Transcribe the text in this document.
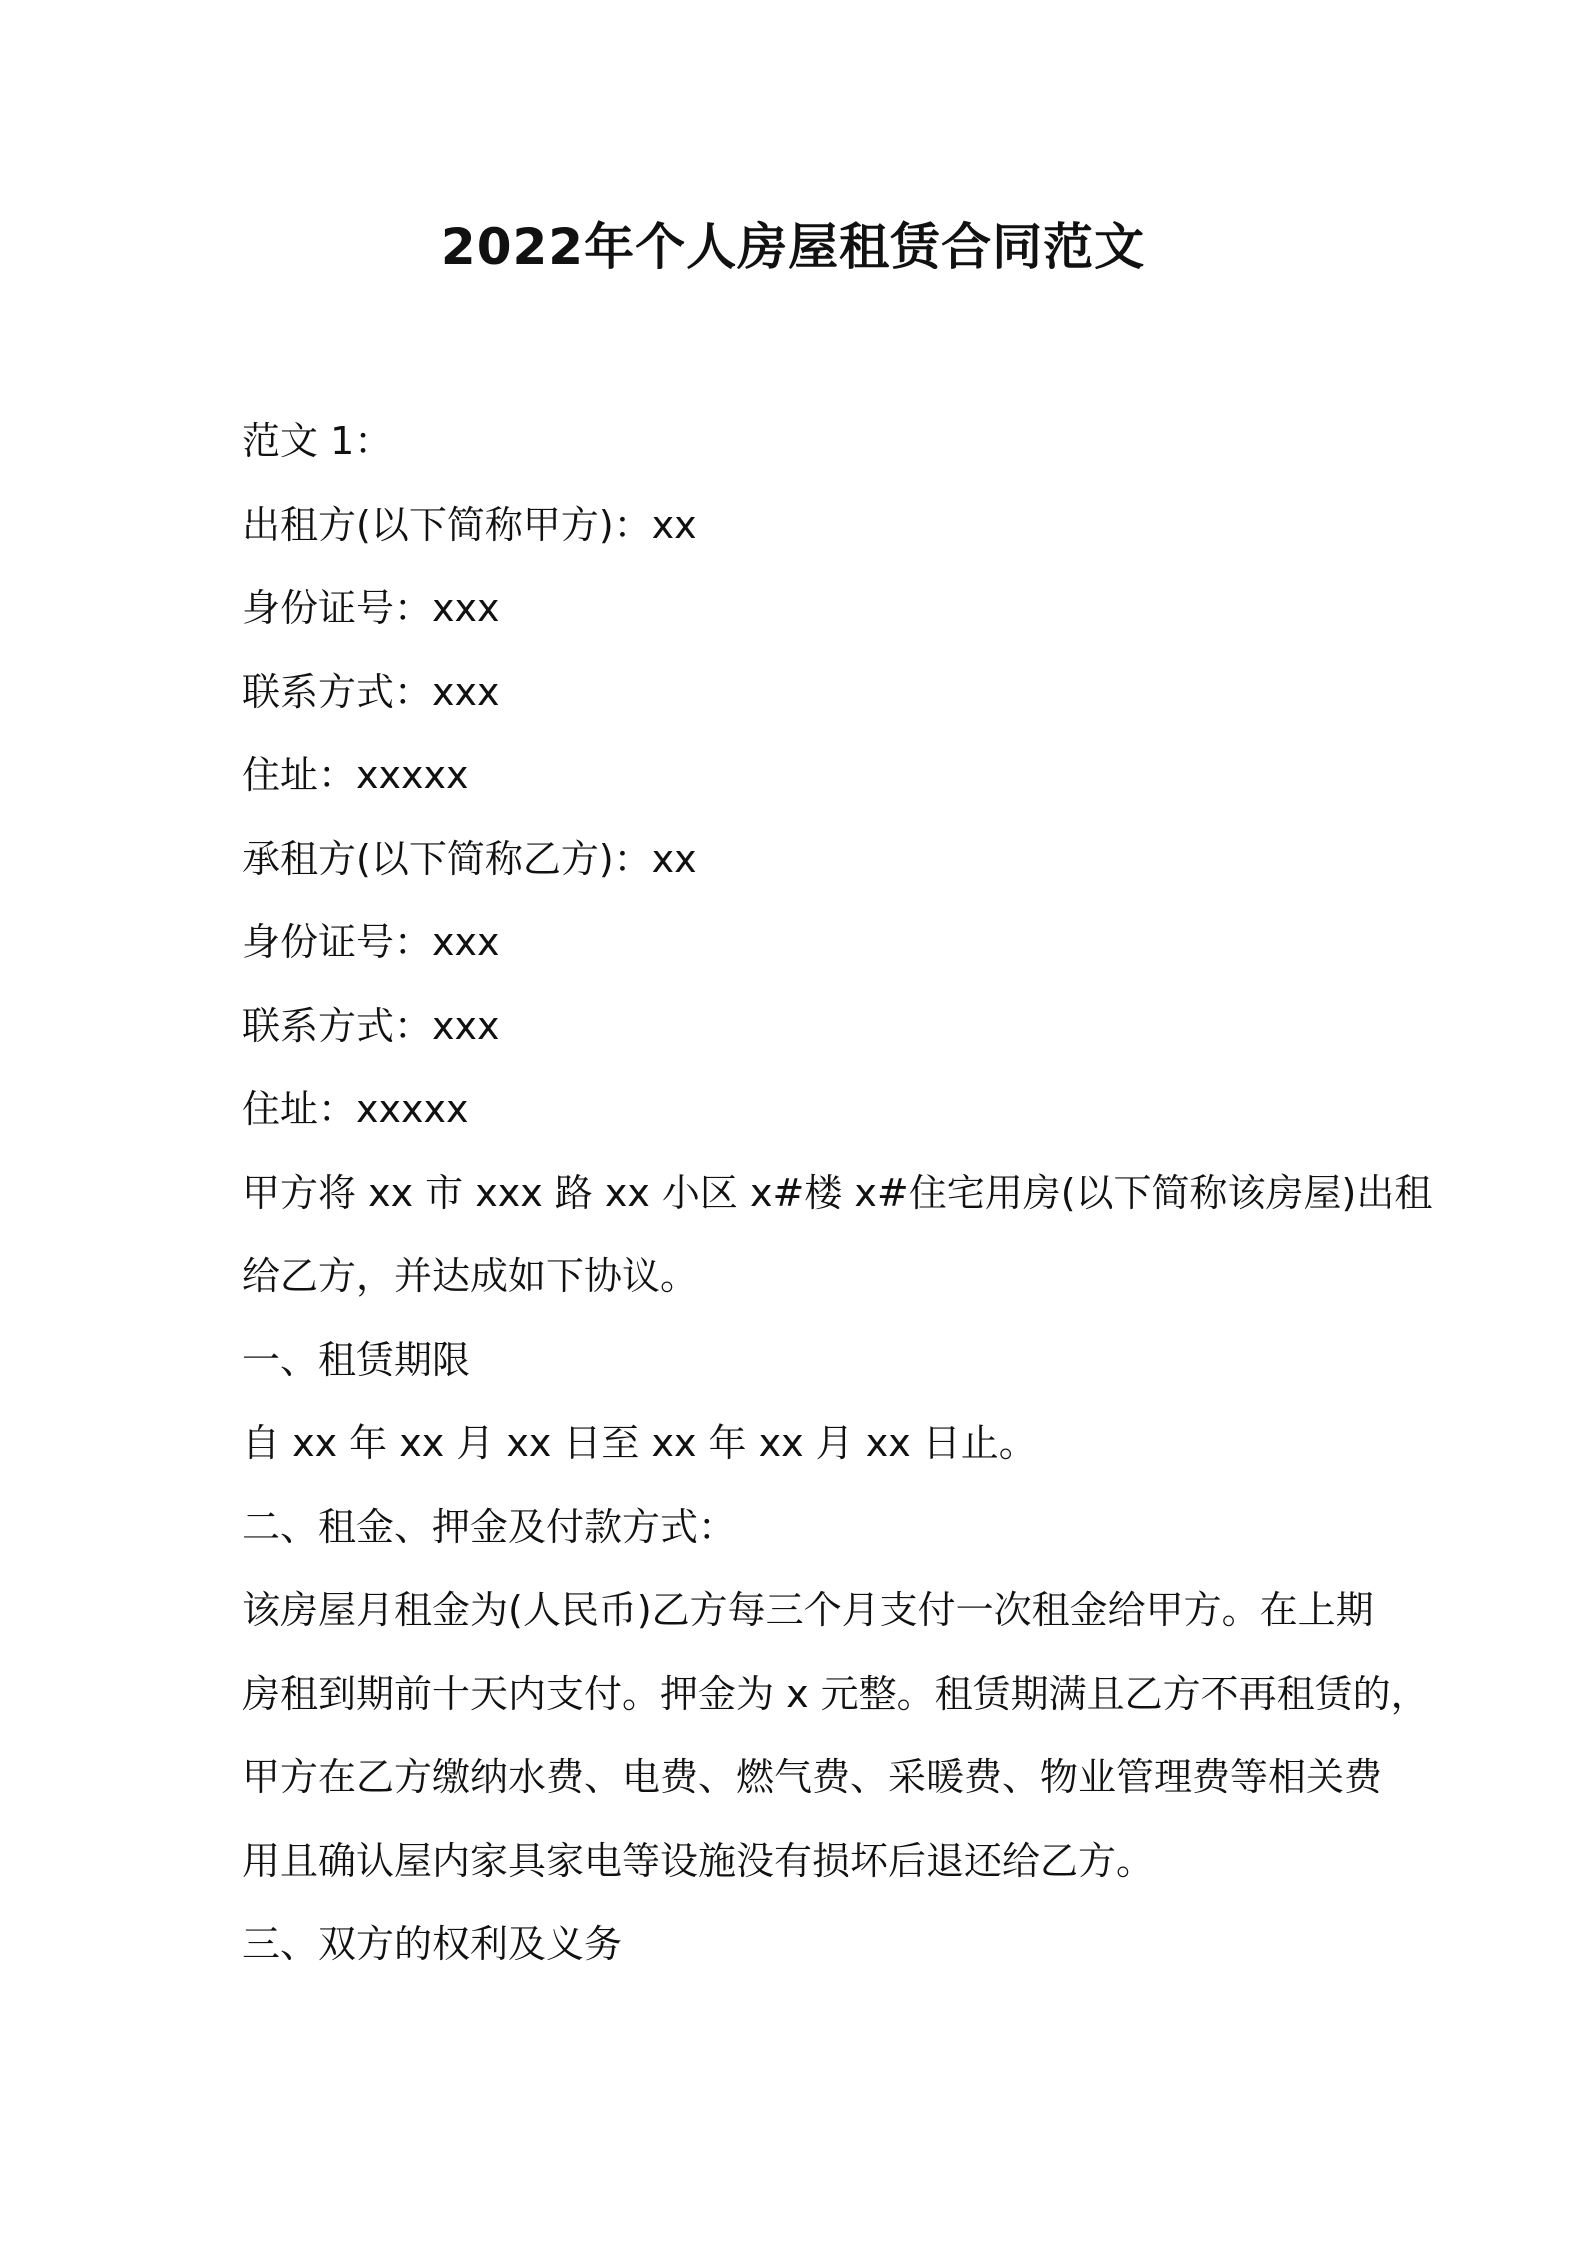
2022年个人房屋租赁合同范文

范文 1：

出租方(以下简称甲方)：xx

身份证号：xxx

联系方式：xxx

住址：xxxxx

承租方(以下简称乙方)：xx

身份证号：xxx

联系方式：xxx

住址：xxxxx

甲方将 xx 市 xxx 路 xx 小区 x#楼 x#住宅用房(以下简称该房屋)出租

给乙方，并达成如下协议。

一、租赁期限

自 xx 年 xx 月 xx 日至 xx 年 xx 月 xx 日止。

二、租金、押金及付款方式：

该房屋月租金为(人民币)乙方每三个月支付一次租金给甲方。在上期

房租到期前十天内支付。押金为 x 元整。租赁期满且乙方不再租赁的，

甲方在乙方缴纳水费、电费、燃气费、采暖费、物业管理费等相关费

用且确认屋内家具家电等设施没有损坏后退还给乙方。

三、双方的权利及义务
